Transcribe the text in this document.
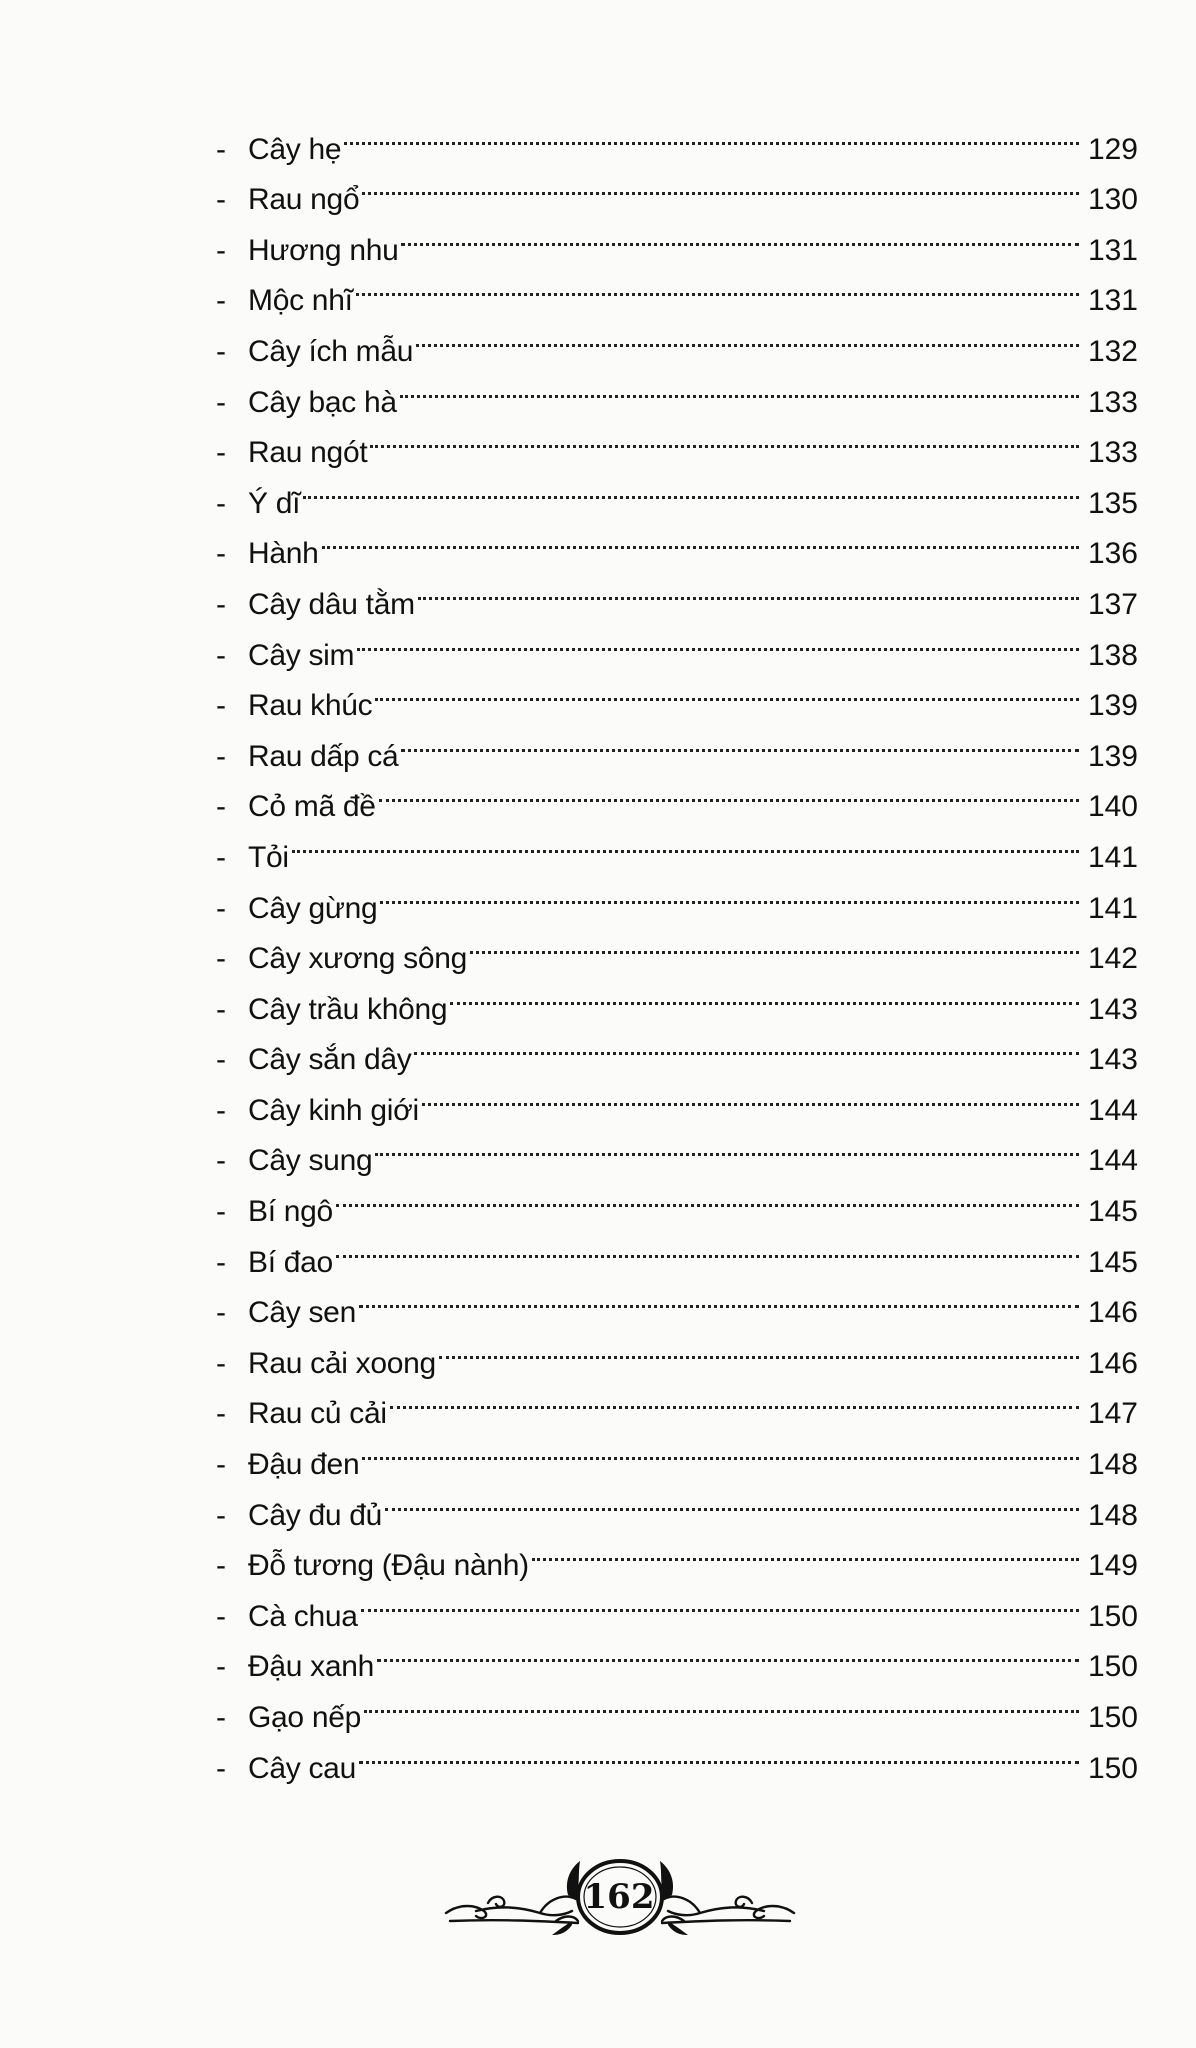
- Cây hẹ	129
- Rau ngổ	130
- Hương nhu	131
- Mộc nhĩ	131
- Cây ích mẫu	132
- Cây bạc hà	133
- Rau ngót	133
- Ý dĩ	135
- Hành	136
- Cây dâu tằm	137
- Cây sim	138
- Rau khúc	139
- Rau dấp cá	139
- Cỏ mã đề	140
- Tỏi	141
- Cây gừng	141
- Cây xương sông	142
- Cây trầu không	143
- Cây sắn dây	143
- Cây kinh giới	144
- Cây sung	144
- Bí ngô	145
- Bí đao	145
- Cây sen	146
- Rau cải xoong	146
- Rau củ cải	147
- Đậu đen	148
- Cây đu đủ	148
- Đỗ tương (Đậu nành)	149
- Cà chua	150
- Đậu xanh	150
- Gạo nếp	150
- Cây cau	150
162
